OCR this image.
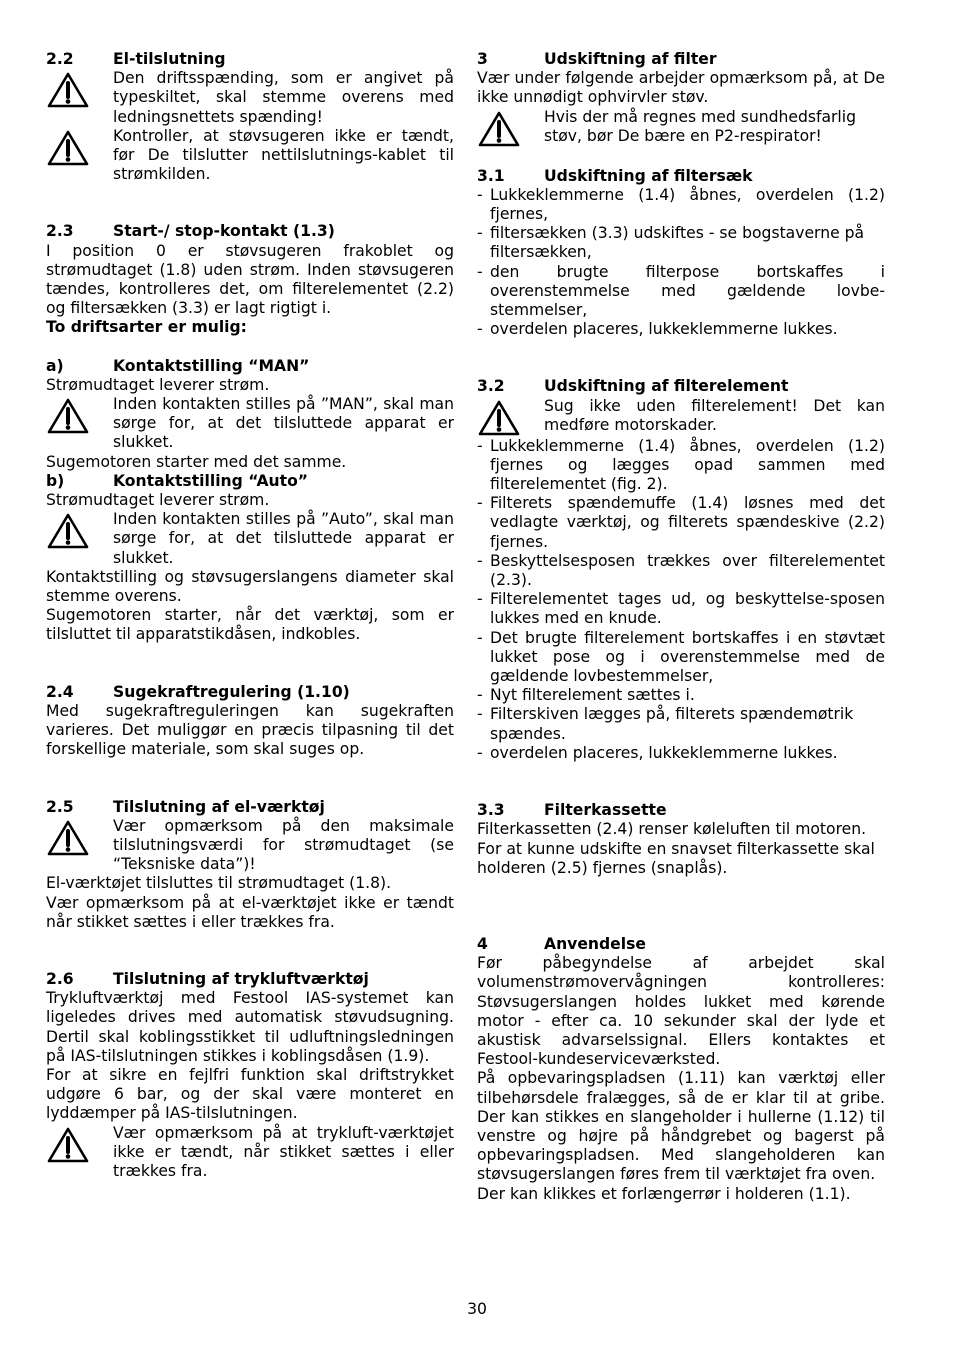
2.2	El-tilslutning
Den driftsspænding, som er angivet på typeskiltet, skal stemme overens med ledningsnettets spænding!
Kontroller, at støvsugeren ikke er tændt, før De tilslutter nettilslutnings-kablet til strømkilden.
2.3	Start-/ stop-kontakt (1.3)
I position 0 er støvsugeren frakoblet og strømudtaget (1.8) uden strøm. Inden støvsugeren tændes, kontrolleres det, om filterelementet (2.2) og filtersækken (3.3) er lagt rigtigt i.
To driftsarter er mulig:
a)	Kontaktstilling “MAN”
Strømudtaget leverer strøm.
Inden kontakten stilles på ”MAN”, skal man sørge for, at det tilsluttede apparat er slukket.
Sugemotoren starter med det samme.
b)	Kontaktstilling “Auto”
Strømudtaget leverer strøm.
Inden kontakten stilles på ”Auto”, skal man sørge for, at det tilsluttede apparat er slukket.
Kontaktstilling og støvsugerslangens diameter skal stemme overens.
Sugemotoren starter, når det værktøj, som er tilsluttet til apparatstikdåsen, indkobles.
2.4	Sugekraftregulering (1.10)
Med sugekraftreguleringen kan sugekraften varieres. Det muliggør en præcis tilpasning til det forskellige materiale, som skal suges op.
2.5	Tilslutning af el-værktøj
Vær opmærksom på den maksimale tilslutningsværdi for strømudtaget (se “Teksniske data”)!
El-værktøjet tilsluttes til strømudtaget (1.8).
Vær opmærksom på at el-værktøjet ikke er tændt når stikket sættes i eller trækkes fra.
2.6	Tilslutning af trykluftværktøj
Trykluftværktøj med Festool IAS-systemet kan ligeledes drives med automatisk støvudsugning. Dertil skal koblingsstikket til udluftningsledningen på IAS-tilslutningen stikkes i koblingsdåsen (1.9).
For at sikre en fejlfri funktion skal driftstrykket udgøre 6 bar, og der skal være monteret en lyddæmper på IAS-tilslutningen.
Vær opmærksom på at trykluft-værktøjet ikke er tændt, når stikket sættes i eller trækkes fra.
3	Udskiftning af filter
Vær under følgende arbejder opmærksom på, at De ikke unnødigt ophvirvler støv.
Hvis der må regnes med sundhedsfarlig støv, bør De bære en P2-respirator!
3.1	Udskiftning af filtersæk
- Lukkeklemmerne (1.4) åbnes, overdelen (1.2) fjernes,
- filtersækken (3.3) udskiftes - se bogstaverne på filtersækken,
- den brugte filterpose bortskaffes i overenstemmelse med gældende lovbe-stemmelser,
- overdelen placeres, lukkeklemmerne lukkes.
3.2	Udskiftning af filterelement
Sug ikke uden filterelement! Det kan medføre motorskader.
- Lukkeklemmerne (1.4) åbnes, overdelen (1.2) fjernes og lægges opad sammen med filterelementet (fig. 2).
- Filterets spændemuffe (1.4) løsnes med det vedlagte værktøj, og filterets spændeskive (2.2) fjernes.
- Beskyttelsesposen trækkes over filterelementet (2.3).
- Filterelementet tages ud, og beskyttelse-sposen lukkes med en knude.
- Det brugte filterelement bortskaffes i en støvtæt lukket pose og i overenstemmelse med de gældende lovbestemmelser,
- Nyt filterelement sættes i.
- Filterskiven lægges på, filterets spændemøtrik spændes.
- overdelen placeres, lukkeklemmerne lukkes.
3.3	Filterkassette
Filterkassetten (2.4) renser køleluften til motoren.
For at kunne udskifte en snavset filterkassette skal holderen (2.5) fjernes (snaplås).
4	Anvendelse
Før påbegyndelse af arbejdet skal volumenstrømovervågningen kontrolleres: Støvsugerslangen holdes lukket med kørende motor - efter ca. 10 sekunder skal der lyde et akustisk advarselssignal. Ellers kontaktes et Festool-kundeserviceværksted.
På opbevaringspladsen (1.11) kan værktøj eller tilbehørsdele fralægges, så de er klar til at gribe. Der kan stikkes en slangeholder i hullerne (1.12) til venstre og højre på håndgrebet og bagerst på opbevaringspladsen. Med slangeholderen kan støvsugerslangen føres frem til værktøjet fra oven.
Der kan klikkes et forlængerrør i holderen (1.1).
30
